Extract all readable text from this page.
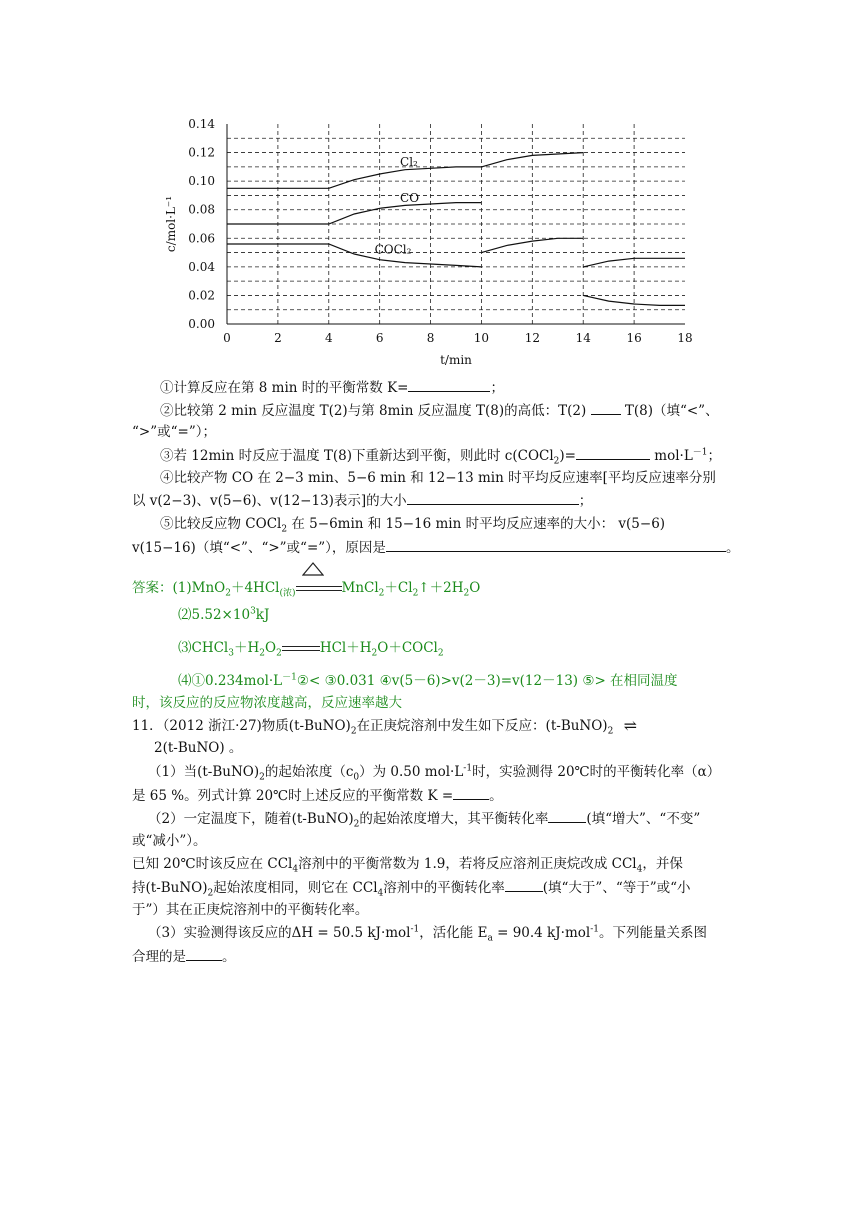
0.00
0.02
0.04
0.06
0.08
0.10
0.12
0.14
0	2	4	6	8	10	12	14	16	18
t/min
c/mol·L⁻¹
Cl₂
CO
COCl₂
①计算反应在第 8 min 时的平衡常数 K=	；
②比较第 2 min 反应温度 T(2)与第 8min 反应温度 T(8)的高低：T(2)	T(8)（填“<”、
“>”或“=”）；
③若 12min 时反应于温度 T(8)下重新达到平衡，则此时 c(COCl$_2$)=	$mol\cdot L^{-1}$；
④比较产物 CO 在 2−3 min、5−6 min 和 12−13 min 时平均反应速率[平均反应速率分别
以 v(2−3)、v(5−6)、v(12−13)表示]的大小	；
⑤比较反应物 COCl$_2$ 在 5−6min 和 15−16 min 时平均反应速率的大小： v(5−6)
v(15−16)（填“<”、“>”或“=”），原因是	。
答案：(1)MnO$_2$＋4HCl$_{(浓)}$	$MnCl_2+Cl_2↑+2H_2O$
$⑵5.52\times 10^3kJ$
$⑶CHCl_3+H_2O_2$	$HCl+H_2O+COCl_2$
$⑷①0.234mol\cdot L^{-1}②<$ ③0.031 ④v(5－6)>v(2－3)=v(12－13) ⑤> 在相同温度
时，该反应的反应物浓度越高，反应速率越大
11．（2012 浙江·27)物质$(t-BuNO)_2$在正庚烷溶剂中发生如下反应：$(t-BuNO)_2$ ⇌
2(t-BuNO) 。
（1）当$(t-BuNO)_2$的起始浓度$(c_0)$为 0.50 $mol\cdot L^{-1}$时，实验测得 20℃时的平衡转化率（α）
是 65 %。列式计算 20℃时上述反应的平衡常数 K =	。
（2）一定温度下，随着$(t-BuNO)_2$的起始浓度增大，其平衡转化率	(填“增大”、“不变”
或“减小”）。
已知 20℃时该反应在 CCl$_4$溶剂中的平衡常数为 1.9，若将反应溶剂正庚烷改成 CCl$_4$，并保
持$(t-BuNO)_2$起始浓度相同，则它在 CCl$_4$溶剂中的平衡转化率	(填“大于”、“等于”或“小
于”）其在正庚烷溶剂中的平衡转化率。
（3）实验测得该反应的ΔH = 50.5 kJ·mol$^{-1}$，活化能 $E_a = 90.4$ kJ·mol$^{-1}$。下列能量关系图
合理的是	。
